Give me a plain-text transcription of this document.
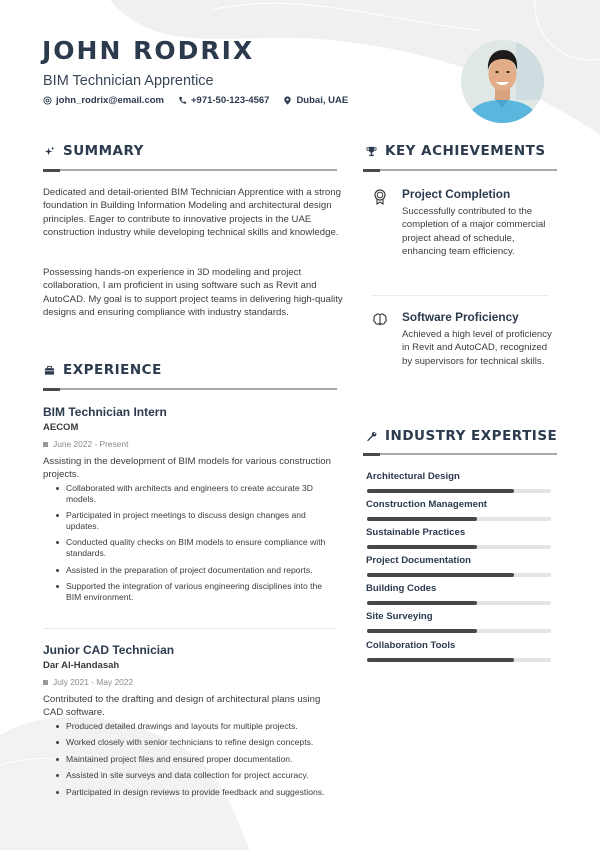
JOHN RODRIX
BIM Technician Apprentice
john_rodrix@email.com	+971-50-123-4567	Dubai, UAE
SUMMARY
Dedicated and detail-oriented BIM Technician Apprentice with a strong foundation in Building Information Modeling and architectural design principles. Eager to contribute to innovative projects in the UAE construction industry while developing technical skills and knowledge.
Possessing hands-on experience in 3D modeling and project collaboration, I am proficient in using software such as Revit and AutoCAD. My goal is to support project teams in delivering high-quality designs and ensuring compliance with industry standards.
EXPERIENCE
BIM Technician Intern
AECOM
June 2022 - Present
Assisting in the development of BIM models for various construction projects.
Collaborated with architects and engineers to create accurate 3D models.
Participated in project meetings to discuss design changes and updates.
Conducted quality checks on BIM models to ensure compliance with standards.
Assisted in the preparation of project documentation and reports.
Supported the integration of various engineering disciplines into the BIM environment.
Junior CAD Technician
Dar Al-Handasah
July 2021 - May 2022
Contributed to the drafting and design of architectural plans using CAD software.
Produced detailed drawings and layouts for multiple projects.
Worked closely with senior technicians to refine design concepts.
Maintained project files and ensured proper documentation.
Assisted in site surveys and data collection for project accuracy.
Participated in design reviews to provide feedback and suggestions.
KEY ACHIEVEMENTS
Project Completion
Successfully contributed to the completion of a major commercial project ahead of schedule, enhancing team efficiency.
Software Proficiency
Achieved a high level of proficiency in Revit and AutoCAD, recognized by supervisors for technical skills.
INDUSTRY EXPERTISE
Architectural Design
Construction Management
Sustainable Practices
Project Documentation
Building Codes
Site Surveying
Collaboration Tools
